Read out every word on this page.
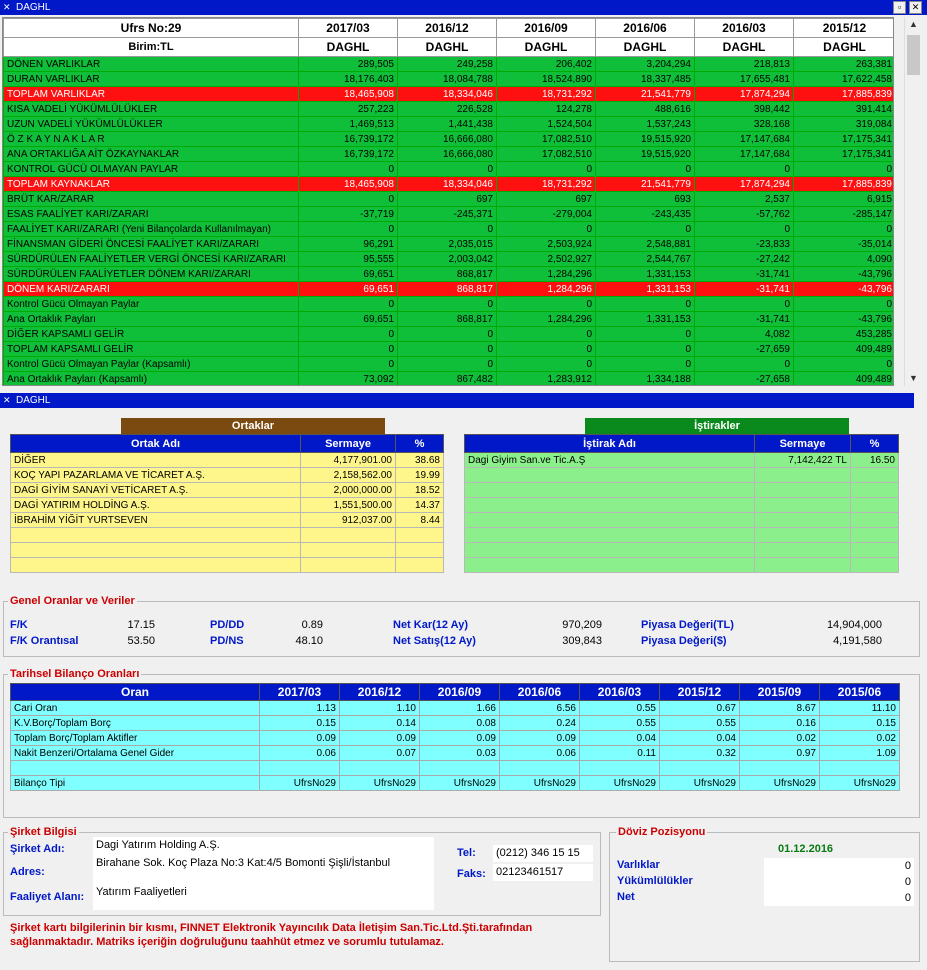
✕ DAGHL	▫	✕
Ufrs No:29	2017/03	2016/12	2016/09	2016/06	2016/03	2015/12
Birim:TL	DAGHL	DAGHL	DAGHL	DAGHL	DAGHL	DAGHL
DÖNEN VARLIKLAR	289,505	249,258	206,402	3,204,294	218,813	263,381
DURAN VARLIKLAR	18,176,403	18,084,788	18,524,890	18,337,485	17,655,481	17,622,458
TOPLAM VARLIKLAR	18,465,908	18,334,046	18,731,292	21,541,779	17,874,294	17,885,839
KISA VADELİ YÜKÜMLÜLÜKLER	257,223	226,528	124,278	488,616	398,442	391,414
UZUN VADELİ YÜKÜMLÜLÜKLER	1,469,513	1,441,438	1,524,504	1,537,243	328,168	319,084
Ö Z K A Y N A K L A R	16,739,172	16,666,080	17,082,510	19,515,920	17,147,684	17,175,341
ANA ORTAKLIĞA AİT ÖZKAYNAKLAR	16,739,172	16,666,080	17,082,510	19,515,920	17,147,684	17,175,341
KONTROL GÜCÜ OLMAYAN PAYLAR	0	0	0	0	0	0
TOPLAM KAYNAKLAR	18,465,908	18,334,046	18,731,292	21,541,779	17,874,294	17,885,839
BRÜT KAR/ZARAR	0	697	697	693	2,537	6,915
ESAS FAALİYET KARI/ZARARI	-37,719	-245,371	-279,004	-243,435	-57,762	-285,147
FAALİYET KARI/ZARARI (Yeni Bilançolarda Kullanılmayan)	0	0	0	0	0	0
FİNANSMAN GİDERİ ÖNCESİ FAALİYET KARI/ZARARI	96,291	2,035,015	2,503,924	2,548,881	-23,833	-35,014
SÜRDÜRÜLEN FAALİYETLER VERGİ ÖNCESİ KARI/ZARARI	95,555	2,003,042	2,502,927	2,544,767	-27,242	4,090
SÜRDÜRÜLEN FAALİYETLER DÖNEM KARI/ZARARI	69,651	868,817	1,284,296	1,331,153	-31,741	-43,796
DÖNEM KARI/ZARARI	69,651	868,817	1,284,296	1,331,153	-31,741	-43,796
Kontrol Gücü Olmayan Paylar	0	0	0	0	0	0
Ana Ortaklık Payları	69,651	868,817	1,284,296	1,331,153	-31,741	-43,796
DİĞER KAPSAMLI GELİR	0	0	0	0	4,082	453,285
TOPLAM KAPSAMLI GELİR	0	0	0	0	-27,659	409,489
Kontrol Gücü Olmayan Paylar (Kapsamlı)	0	0	0	0	0	0
Ana Ortaklık Payları (Kapsamlı)	73,092	867,482	1,283,912	1,334,188	-27,658	409,489
▲
▼
✕ DAGHL
Ortaklar
Ortak Adı	Sermaye	%
DİĞER	4,177,901.00	38.68
KOÇ YAPI PAZARLAMA VE TİCARET A.Ş.	2,158,562.00	19.99
DAGİ GİYİM SANAYİ VETİCARET A.Ş.	2,000,000.00	18.52
DAGİ YATIRIM HOLDİNG A.Ş.	1,551,500.00	14.37
İBRAHİM YİĞİT YURTSEVEN	912,037.00	8.44

İştirakler
İştirak Adı	Sermaye	%
Dagi Giyim San.ve Tic.A.Ş	7,142,422 TL	16.50

Genel Oranlar ve Veriler
F/K	17.15
F/K Orantısal	53.50
PD/DD	0.89
PD/NS	48.10
Net Kar(12 Ay)	970,209
Net Satış(12 Ay)	309,843
Piyasa Değeri(TL)	14,904,000
Piyasa Değeri($)	4,191,580
Tarihsel Bilanço Oranları
Oran	2017/03	2016/12	2016/09	2016/06	2016/03	2015/12	2015/09	2015/06
Cari Oran	1.13	1.10	1.66	6.56	0.55	0.67	8.67	11.10
K.V.Borç/Toplam Borç	0.15	0.14	0.08	0.24	0.55	0.55	0.16	0.15
Toplam Borç/Toplam Aktifler	0.09	0.09	0.09	0.09	0.04	0.04	0.02	0.02
Nakit Benzeri/Ortalama Genel Gider	0.06	0.07	0.03	0.06	0.11	0.32	0.97	1.09

Bilanço Tipi	UfrsNo29	UfrsNo29	UfrsNo29	UfrsNo29	UfrsNo29	UfrsNo29	UfrsNo29	UfrsNo29
Şirket Bilgisi
Şirket Adı:	Dagi Yatırım Holding A.Ş.
Adres:
Birahane Sok. Koç Plaza No:3 Kat:4/5 Bomonti Şişli/İstanbul
Faaliyet Alanı: Yatırım Faaliyetleri
Tel: (0212) 346 15 15
Faks: 02123461517
Döviz Pozisyonu
01.12.2016
Varlıklar	0
Yükümlülükler	0
Net	0
Şirket kartı bilgilerinin bir kısmı, FINNET Elektronik Yayıncılık Data İletişim San.Tic.Ltd.Şti.tarafından sağlanmaktadır. Matriks içeriğin doğruluğunu taahhüt etmez ve sorumlu tutulamaz.
